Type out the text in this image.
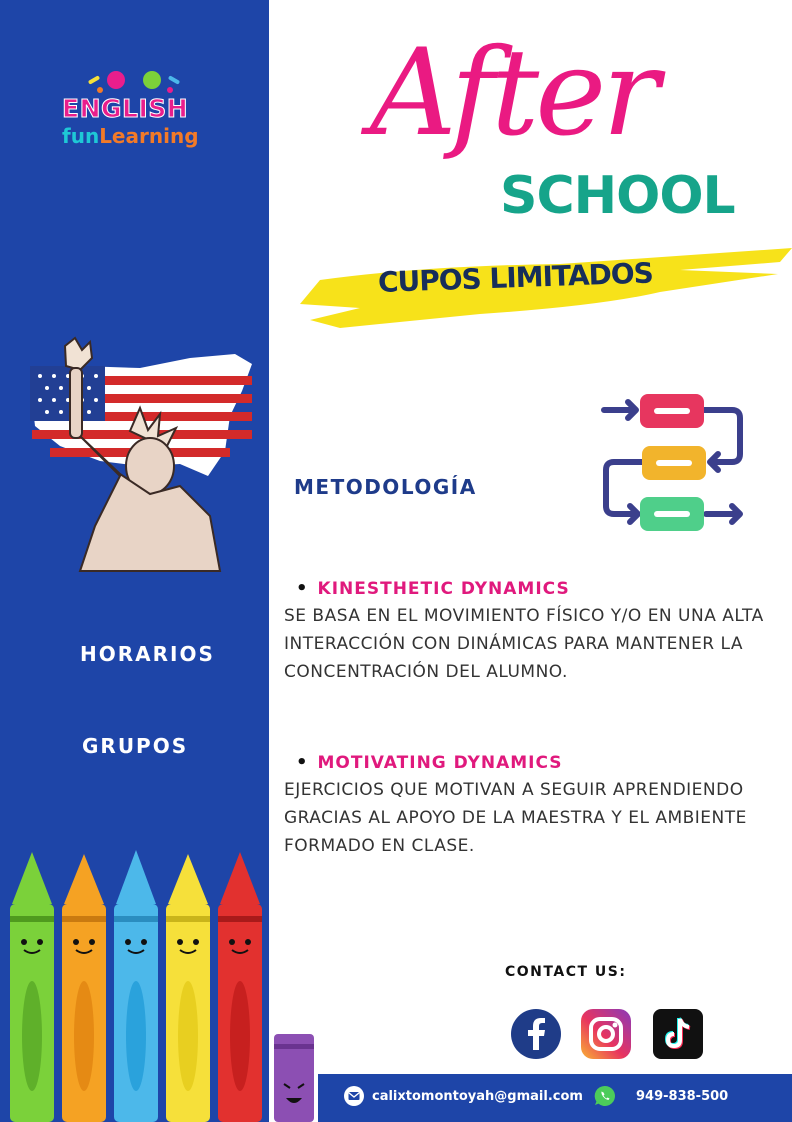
ENGLISH
funLearning
HORARIOS
GRUPOS
After
SCHOOL
CUPOS LIMITADOS
METODOLOGÍA
• KINESTHETIC DYNAMICS
SE BASA EN EL MOVIMIENTO FÍSICO Y/O EN UNA ALTA INTERACCIÓN CON DINÁMICAS PARA MANTENER LA CONCENTRACIÓN DEL ALUMNO.
• MOTIVATING DYNAMICS
EJERCICIOS QUE MOTIVAN A SEGUIR APRENDIENDO GRACIAS AL APOYO DE LA MAESTRA Y EL AMBIENTE FORMADO EN CLASE.
CONTACT US:
calixtomontoyah@gmail.com	949-838-500
